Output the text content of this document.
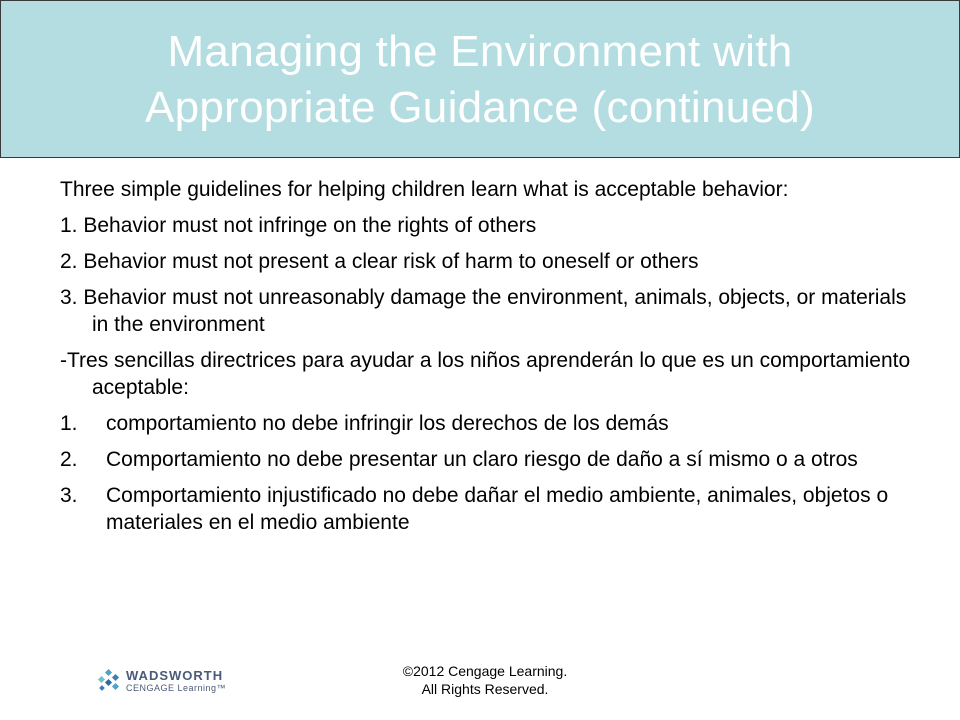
Managing the Environment with
Appropriate Guidance (continued)

Three simple guidelines for helping children learn what is acceptable behavior:

1. Behavior must not infringe on the rights of others

2. Behavior must not present a clear risk of harm to oneself or others

3. Behavior must not unreasonably damage the environment, animals, objects, or materials in the environment

-Tres sencillas directrices para ayudar a los niños aprenderán lo que es un comportamiento aceptable:

1. comportamiento no debe infringir los derechos de los demás
2. Comportamiento no debe presentar un claro riesgo de daño a sí mismo o a otros
3. Comportamiento injustificado no debe dañar el medio ambiente, animales, objetos o materiales en el medio ambiente
WADSWORTH
CENGAGE Learning™
©2012 Cengage Learning.
All Rights Reserved.
